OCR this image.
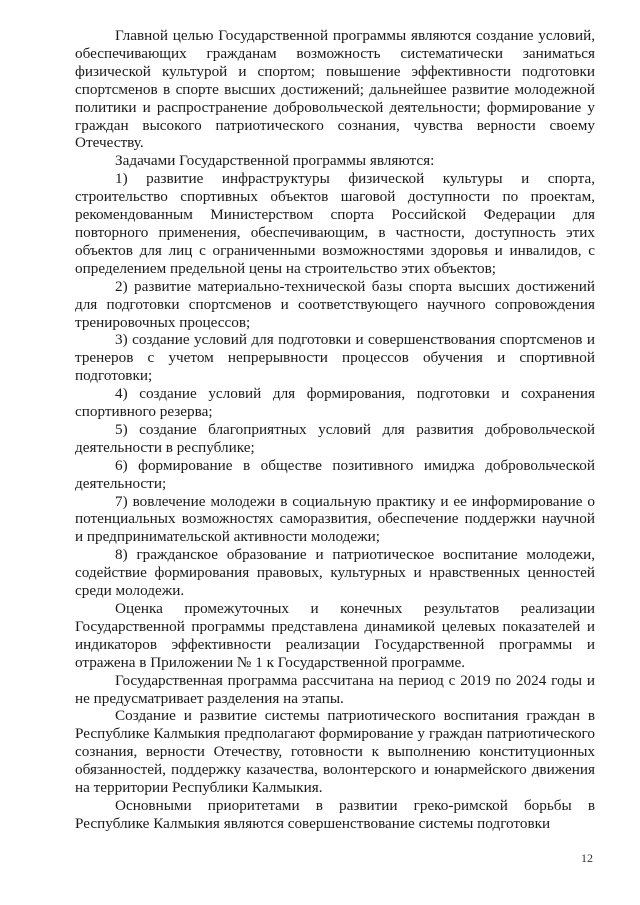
Главной целью Государственной программы являются создание условий, обеспечивающих гражданам возможность систематически заниматься физической культурой и спортом; повышение эффективности подготовки спортсменов в спорте высших достижений; дальнейшее развитие молодежной политики и распространение добровольческой деятельности; формирование у граждан высокого патриотического сознания, чувства верности своему Отечеству.

Задачами Государственной программы являются:

1) развитие инфраструктуры физической культуры и спорта, строительство спортивных объектов шаговой доступности по проектам, рекомендованным Министерством спорта Российской Федерации для повторного применения, обеспечивающим, в частности, доступность этих объектов для лиц с ограниченными возможностями здоровья и инвалидов, с определением предельной цены на строительство этих объектов;

2) развитие материально-технической базы спорта высших достижений для подготовки спортсменов и соответствующего научного сопровождения тренировочных процессов;

3) создание условий для подготовки и совершенствования спортсменов и тренеров с учетом непрерывности процессов обучения и спортивной подготовки;

4) создание условий для формирования, подготовки и сохранения спортивного резерва;

5) создание благоприятных условий для развития добровольческой деятельности в республике;

6) формирование в обществе позитивного имиджа добровольческой деятельности;

7) вовлечение молодежи в социальную практику и ее информирование о потенциальных возможностях саморазвития, обеспечение поддержки научной и предпринимательской активности молодежи;

8) гражданское образование и патриотическое воспитание молодежи, содействие формирования правовых, культурных и нравственных ценностей среди молодежи.

Оценка промежуточных и конечных результатов реализации Государственной программы представлена динамикой целевых показателей и индикаторов эффективности реализации Государственной программы и отражена в Приложении № 1 к Государственной программе.

Государственная программа рассчитана на период с 2019 по 2024 годы и не предусматривает разделения на этапы.

Создание и развитие системы патриотического воспитания граждан в Республике Калмыкия предполагают формирование у граждан патриотического сознания, верности Отечеству, готовности к выполнению конституционных обязанностей, поддержку казачества, волонтерского и юнармейского движения на территории Республики Калмыкия.

Основными приоритетами в развитии греко-римской борьбы в Республике Калмыкия являются совершенствование системы подготовки

12
